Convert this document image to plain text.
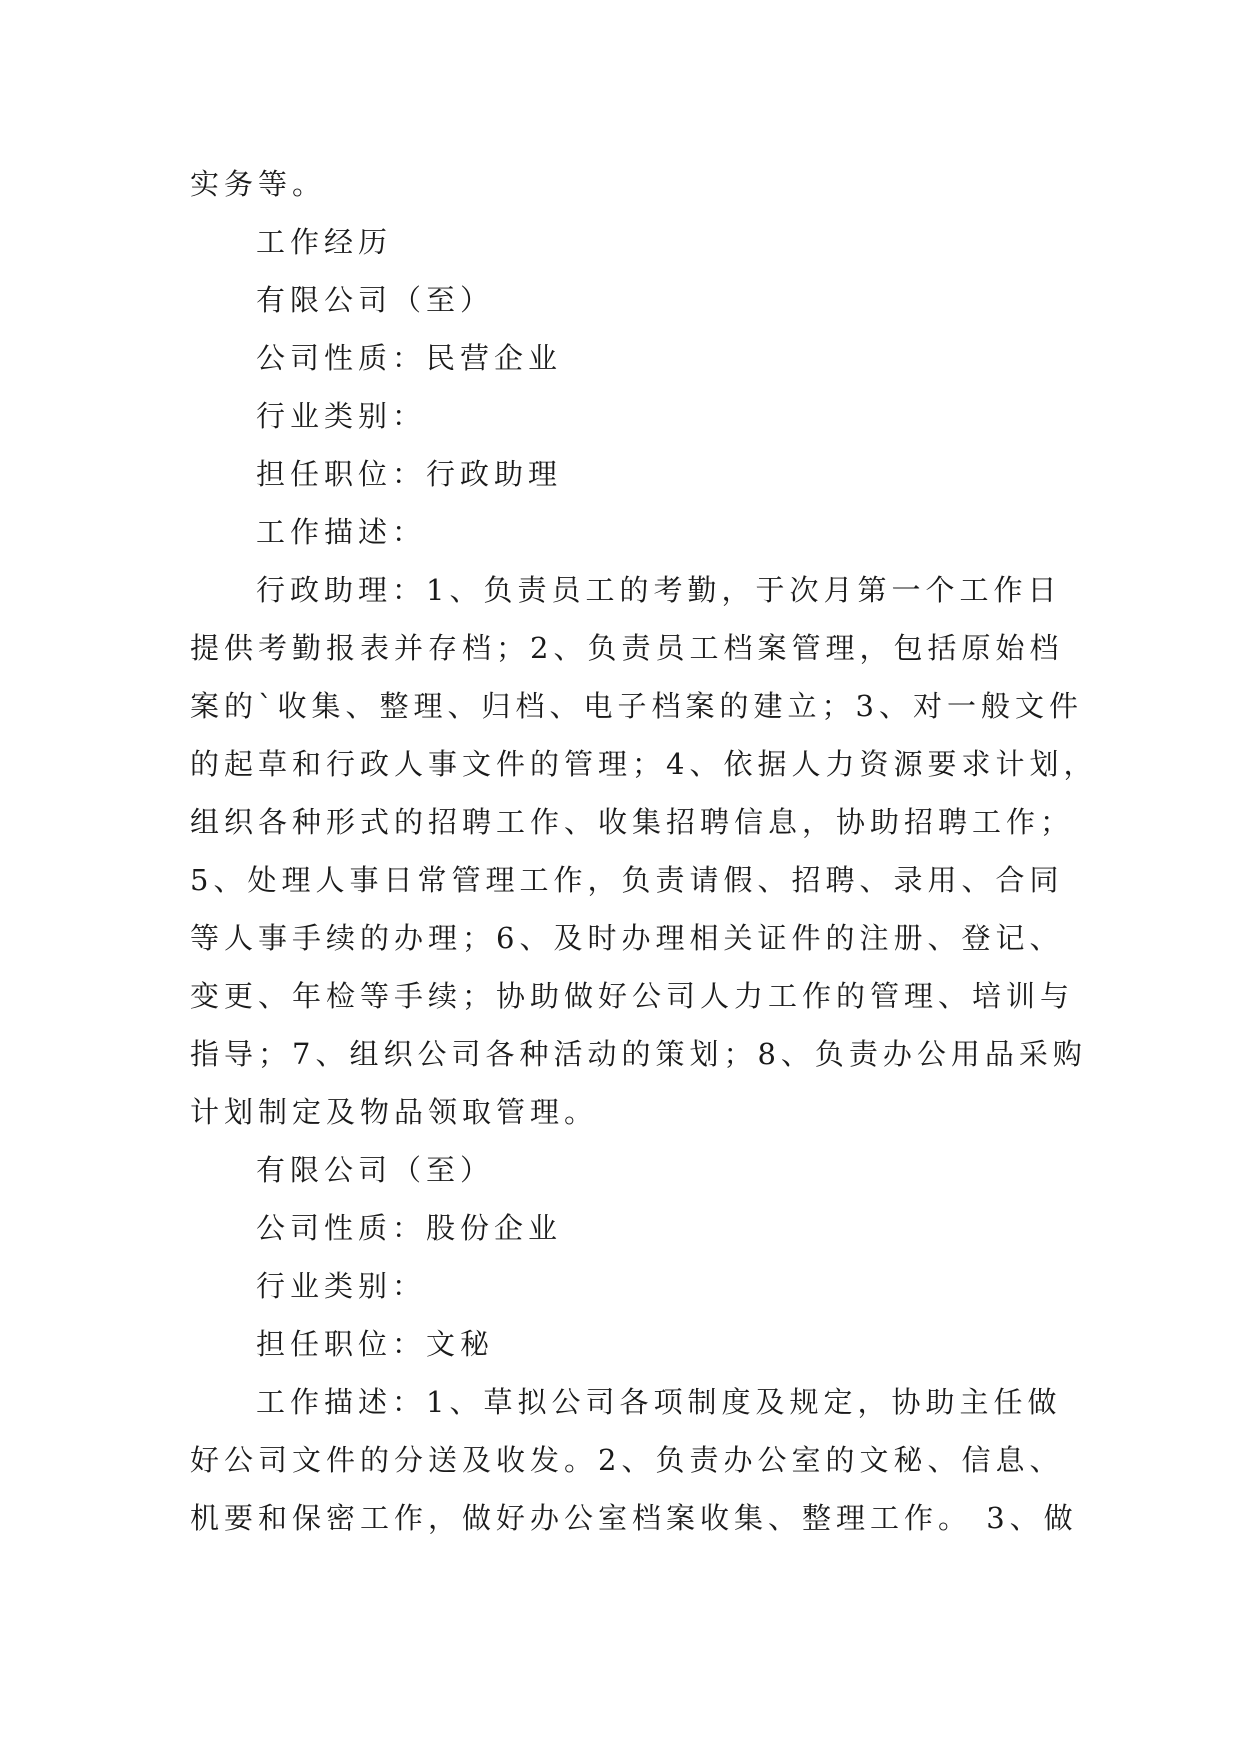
实务等。

工作经历

有限公司（至）

公司性质：民营企业

行业类别：

担任职位：行政助理

工作描述：

行政助理：1、负责员工的考勤，于次月第一个工作日

提供考勤报表并存档；2、负责员工档案管理，包括原始档

案的`收集、整理、归档、电子档案的建立；3、对一般文件

的起草和行政人事文件的管理；4、依据人力资源要求计划，

组织各种形式的招聘工作、收集招聘信息，协助招聘工作；

5、处理人事日常管理工作，负责请假、招聘、录用、合同

等人事手续的办理；6、及时办理相关证件的注册、登记、

变更、年检等手续；协助做好公司人力工作的管理、培训与

指导；7、组织公司各种活动的策划；8、负责办公用品采购

计划制定及物品领取管理。

有限公司（至）

公司性质：股份企业

行业类别：

担任职位：文秘

工作描述：1、草拟公司各项制度及规定，协助主任做

好公司文件的分送及收发。2、负责办公室的文秘、信息、

机要和保密工作，做好办公室档案收集、整理工作。 3、做
